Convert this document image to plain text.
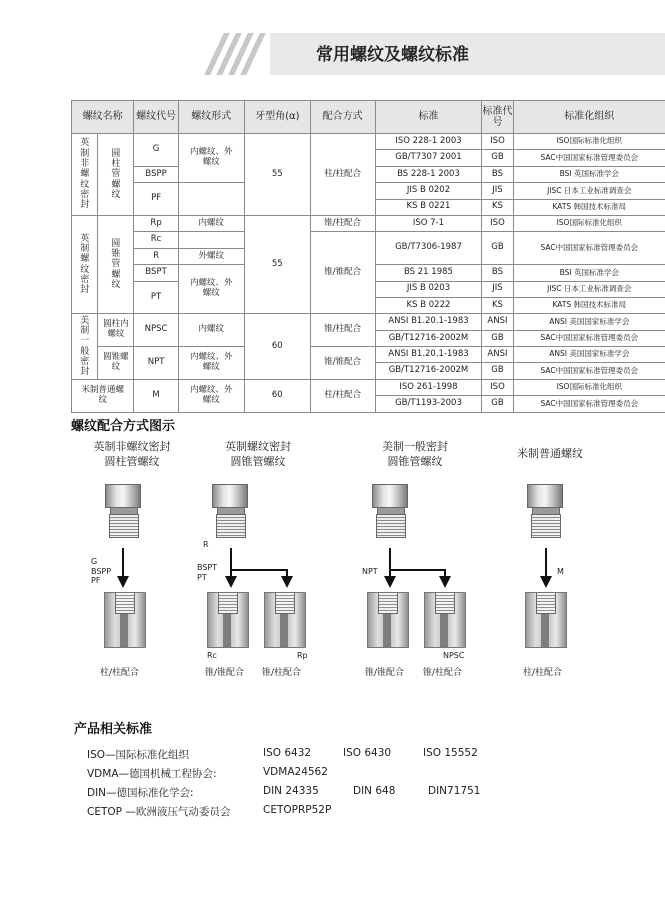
常用螺纹及螺纹标准
螺纹名称		螺纹代号	螺纹形式	牙型角(α)	配合方式	标准	标准代号	标准化组织
英制非螺纹密封	圆柱管螺纹	G	内螺纹、外螺纹	55	柱/柱配合	ISO 228-1 2003	ISO	ISO国际标准化组织
						GB/T7307 2001	GB	SAC中国国家标准管理委员会
		BSPP				BS 228-1 2003	BS	BSI 英国标准学会
		PF				JIS B 0202	JIS	JISC 日本工业标准调查会
						KS B 0221	KS	KATS 韩国技术标准局
英制螺纹密封	圆锥管螺纹	Rp	内螺纹	55	锥/柱配合	ISO 7-1	ISO	ISO国际标准化组织
		Rc			锥/锥配合	GB/T7306-1987	GB	SAC中国国家标准管理委员会
		R	外螺纹					
		BSPT	内螺纹、外螺纹			BS 21 1985	BS	BSI 英国标准学会
		PT				JIS B 0203	JIS	JISC 日本工业标准调查会
						KS B 0222	KS	KATS 韩国技术标准局
美制一般密封	圆柱内螺纹	NPSC	内螺纹	60	锥/柱配合	ANSI B1.20.1-1983	ANSI	ANSI 美国国家标准学会
						GB/T12716-2002M	GB	SAC中国国家标准管理委员会
	圆锥螺纹	NPT	内螺纹、外螺纹		锥/锥配合	ANSI B1.20.1-1983	ANSI	ANSI 美国国家标准学会
						GB/T12716-2002M	GB	SAC中国国家标准管理委员会
米制普通螺纹		M	内螺纹、外螺纹	60	柱/柱配合	ISO 261-1998	ISO	ISO国际标准化组织
						GB/T1193-2003	GB	SAC中国国家标准管理委员会
螺纹配合方式图示
英制非螺纹密封
圆柱管螺纹
英制螺纹密封
圆锥管螺纹
美制一般密封
圆锥管螺纹
米制普通螺纹
G
BSPP
PF
R
BSPT
PT
NPT	M
Rc	Rp	NPSC
柱/柱配合	锥/锥配合 锥/柱配合	锥/锥配合 锥/柱配合	柱/柱配合
产品相关标准
ISO—国际标准化组织	ISO 6432	ISO 6430	ISO 15552
VDMA—德国机械工程协会:	VDMA24562
DIN—德国标准化学会:	DIN 24335	DIN 648	DIN71751
CETOP —欧洲液压气动委员会	CETOPRP52P
